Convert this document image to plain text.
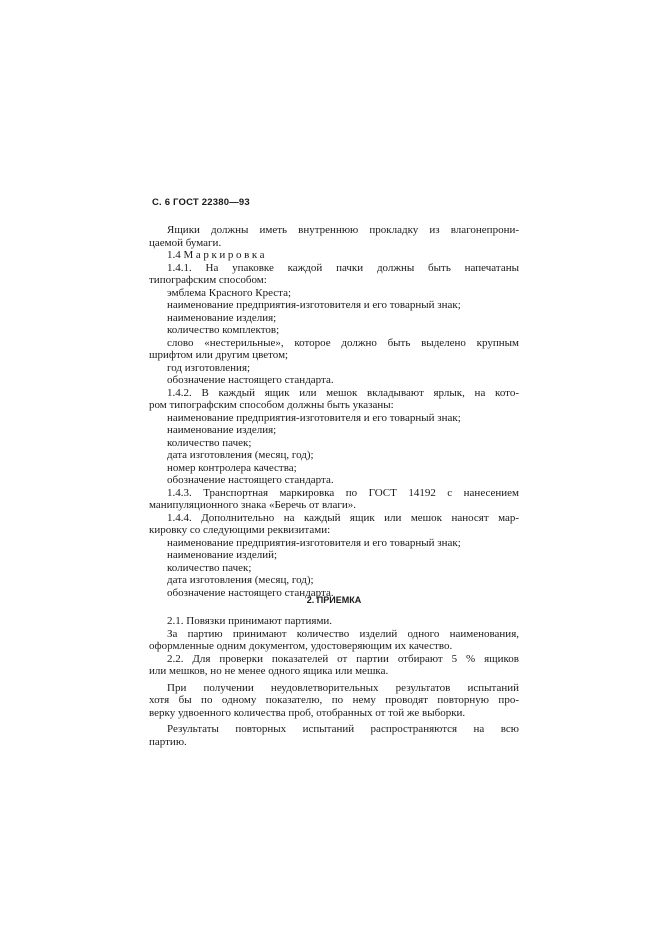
С. 6 ГОСТ 22380—93
Ящики должны иметь внутреннюю прокладку из влагонепрони-
цаемой бумаги.
1.4 Маркировка
1.4.1. На упаковке каждой пачки должны быть напечатаны
типографским способом:
эмблема Красного Креста;
наименование предприятия-изготовителя и его товарный знак;
наименование изделия;
количество комплектов;
слово «нестерильные», которое должно быть выделено крупным
шрифтом или другим цветом;
год изготовления;
обозначение настоящего стандарта.
1.4.2. В каждый ящик или мешок вкладывают ярлык, на кото-
ром типографским способом должны быть указаны:
наименование предприятия-изготовителя и его товарный знак;
наименование изделия;
количество пачек;
дата изготовления (месяц, год);
номер контролера качества;
обозначение настоящего стандарта.
1.4.3. Транспортная маркировка по ГОСТ 14192 с нанесением
манипуляционного знака «Беречь от влаги».
1.4.4. Дополнительно на каждый ящик или мешок наносят мар-
кировку со следующими реквизитами:
наименование предприятия-изготовителя и его товарный знак;
наименование изделий;
количество пачек;
дата изготовления (месяц, год);
обозначение настоящего стандарта.
2. ПРИЕМКА
2.1. Повязки принимают партиями.
За партию принимают количество изделий одного наименования,
оформленные одним документом, удостоверяющим их качество.
2.2. Для проверки показателей от партии отбирают 5 % ящиков
или мешков, но не менее одного ящика или мешка.
При получении неудовлетворительных результатов испытаний
хотя бы по одному показателю, по нему проводят повторную про-
верку удвоенного количества проб, отобранных от той же выборки.
Результаты повторных испытаний распространяются на всю
партию.
